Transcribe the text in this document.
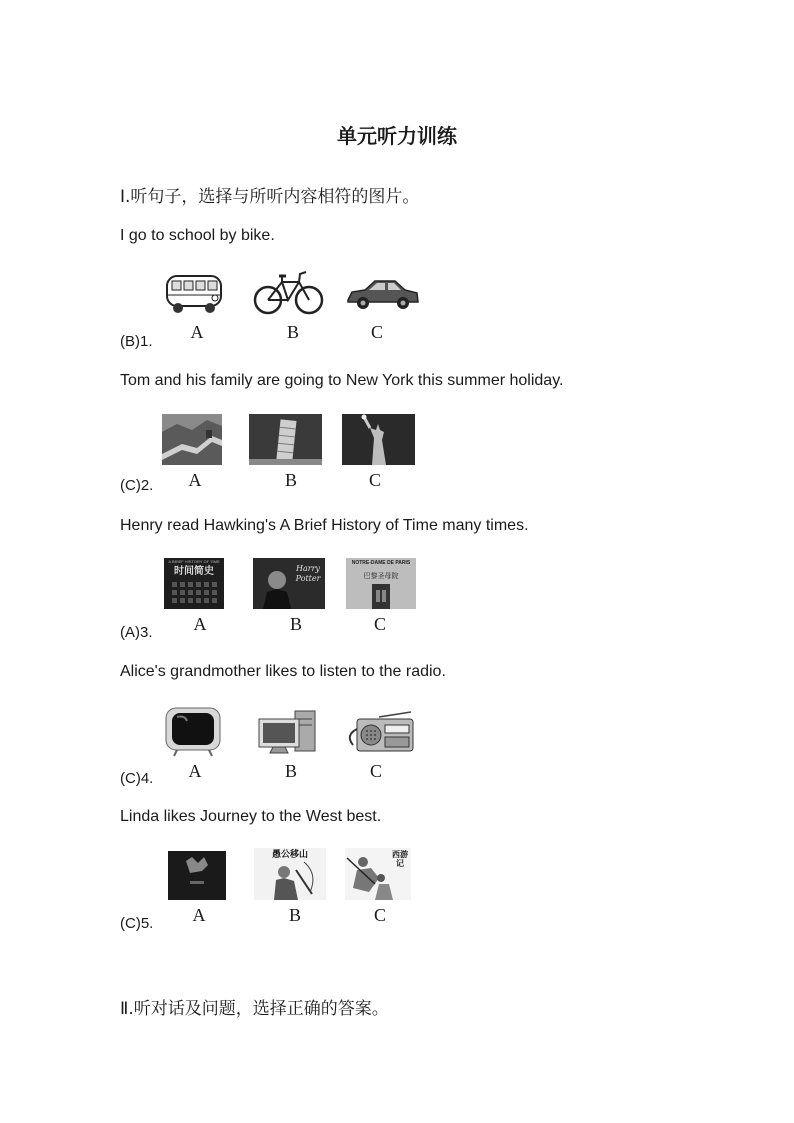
单元听力训练
Ⅰ.听句子，选择与所听内容相符的图片。
I go to school by bike.
A	B	C
(B)1.
Tom and his family are going to New York this summer holiday.
A	B	C
(C)2.
Henry read Hawking's A Brief History of Time many times.
A BRIEF HISTORY OF TIME
时间简史	Harry Potter
NOTRE-DAME DE PARIS
巴黎圣母院
A	B	C
(A)3.
Alice's grandmother likes to listen to the radio.
A	B	C
(C)4.
Linda likes Journey to the West best.
愚公移山	西游记
A	B	C
(C)5.
Ⅱ.听对话及问题，选择正确的答案。
